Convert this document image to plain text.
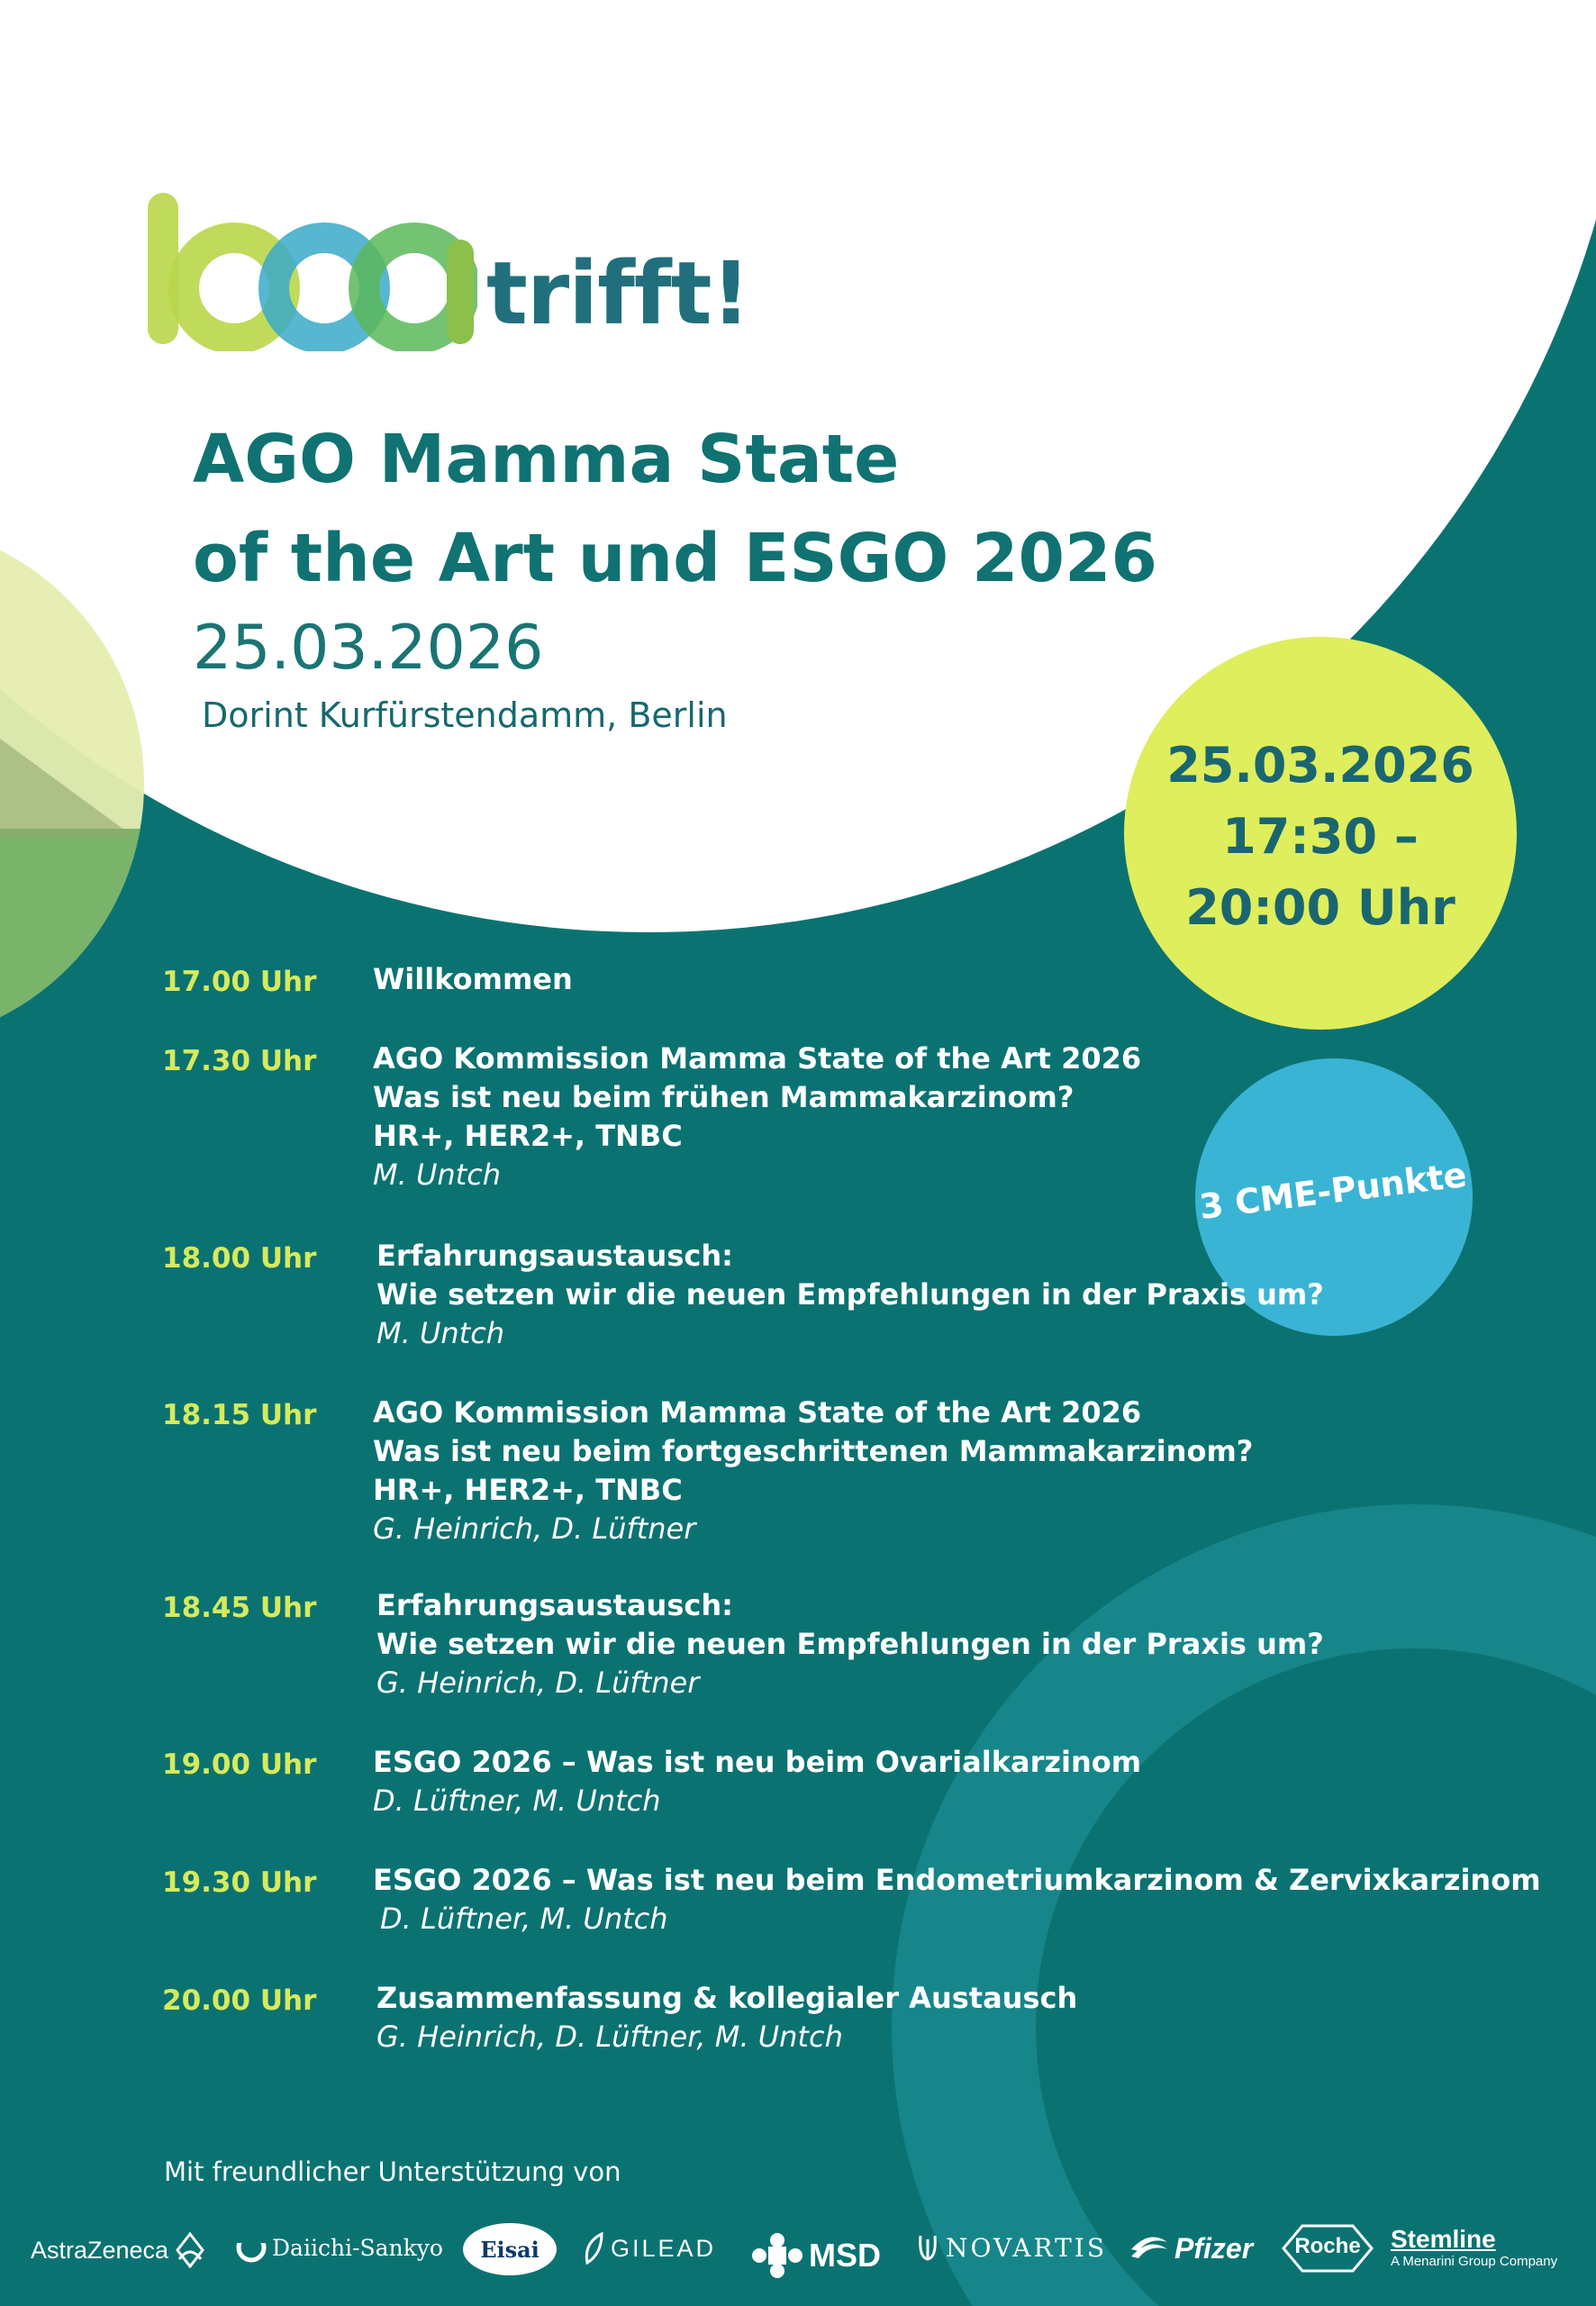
trifft!
AGO Mamma State
of the Art und ESGO 2026
25.03.2026
Dorint Kurfürstendamm, Berlin
25.03.2026
17:30 –
20:00 Uhr
3 CME-Punkte
17.00 Uhr Willkommen
17.30 Uhr AGO Kommission Mamma State of the Art 2026
Was ist neu beim frühen Mammakarzinom?
HR+, HER2+, TNBC
M. Untch
18.00 Uhr Erfahrungsaustausch:
Wie setzen wir die neuen Empfehlungen in der Praxis um?
M. Untch
18.15 Uhr AGO Kommission Mamma State of the Art 2026
Was ist neu beim fortgeschrittenen Mammakarzinom?
HR+, HER2+, TNBC
G. Heinrich, D. Lüftner
18.45 Uhr Erfahrungsaustausch:
Wie setzen wir die neuen Empfehlungen in der Praxis um?
G. Heinrich, D. Lüftner
19.00 Uhr ESGO 2026 – Was ist neu beim Ovarialkarzinom
D. Lüftner, M. Untch
19.30 Uhr ESGO 2026 – Was ist neu beim Endometriumkarzinom & Zervixkarzinom
D. Lüftner, M. Untch
20.00 Uhr Zusammenfassung & kollegialer Austausch
G. Heinrich, D. Lüftner, M. Untch
Mit freundlicher Unterstützung von
AstraZeneca	Daiichi-Sankyo Eisai	GILEAD	MSD	NOVARTIS Pfizer	Roche	Stemline
A Menarini Group Company
